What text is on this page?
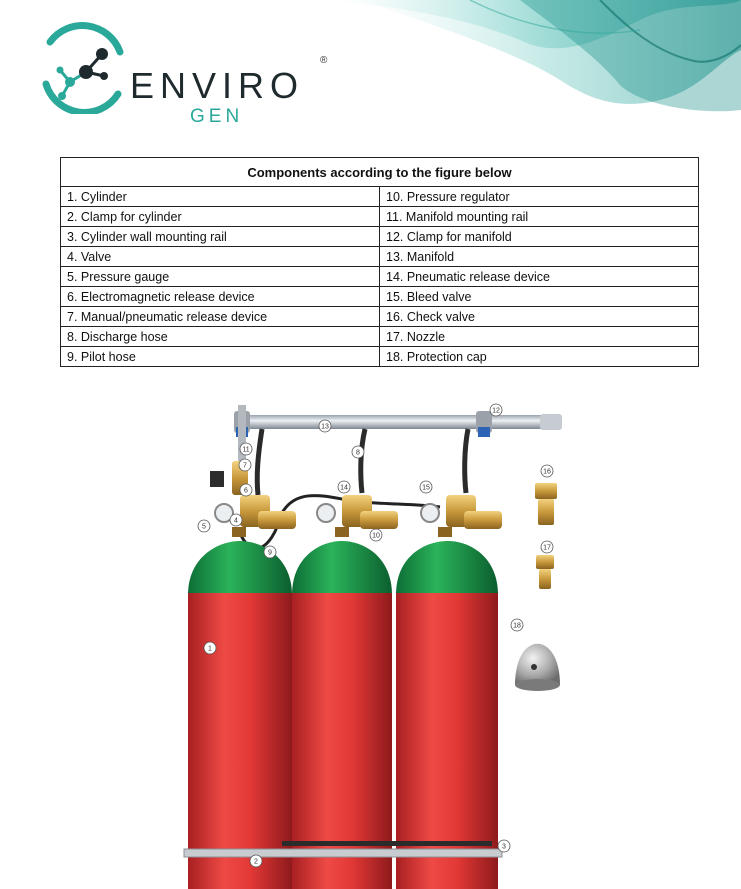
ENVIRO
®
GEN
Components according to the figure below	
1. Cylinder	10. Pressure regulator
2. Clamp for cylinder	11. Manifold mounting rail
3. Cylinder wall mounting rail	12. Clamp for manifold
4. Valve	13. Manifold
5. Pressure gauge	14. Pneumatic release device
6. Electromagnetic release device	15. Bleed valve
7. Manual/pneumatic release device	16. Check valve
8. Discharge hose	17. Nozzle
9. Pilot hose	18. Protection cap
1
2
3
4
5
6
7
8
9
10
11
12
13
14	15
16
17
18
